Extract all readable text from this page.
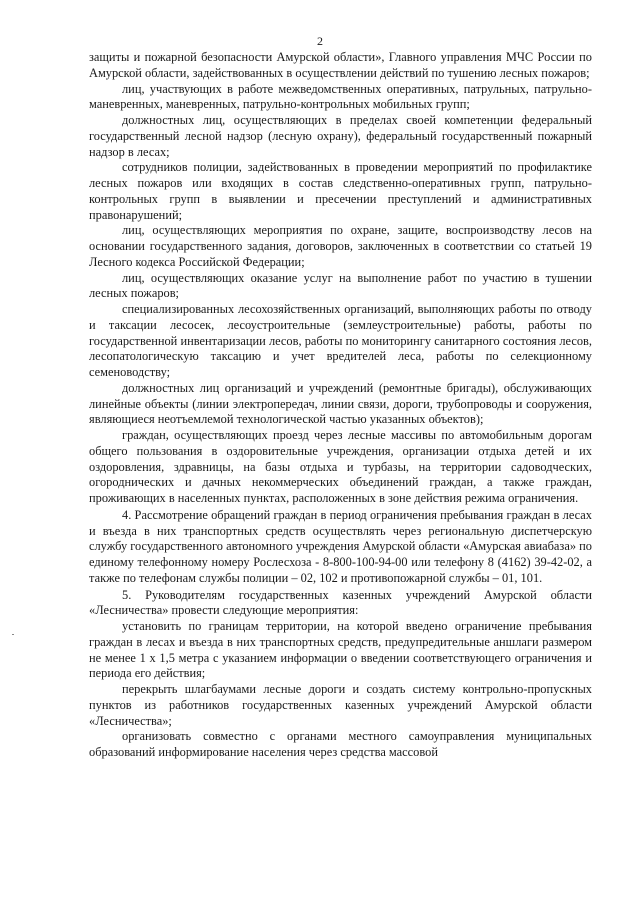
2

защиты и пожарной безопасности Амурской области», Главного управления МЧС России по Амурской области, задействованных в осуществлении действий по тушению лесных пожаров;

лиц, участвующих в работе межведомственных оперативных, патрульных, патрульно-маневренных, маневренных, патрульно-контрольных мобильных групп;

должностных лиц, осуществляющих в пределах своей компетенции федеральный государственный лесной надзор (лесную охрану), федеральный государственный пожарный надзор в лесах;

сотрудников полиции, задействованных в проведении мероприятий по профилактике лесных пожаров или входящих в состав следственно-оперативных групп, патрульно-контрольных групп в выявлении и пресечении преступлений и административных правонарушений;

лиц, осуществляющих мероприятия по охране, защите, воспроизводству лесов на основании государственного задания, договоров, заключенных в соответствии со статьей 19 Лесного кодекса Российской Федерации;

лиц, осуществляющих оказание услуг на выполнение работ по участию в тушении лесных пожаров;

специализированных лесохозяйственных организаций, выполняющих работы по отводу и таксации лесосек, лесоустроительные (землеустроительные) работы, работы по государственной инвентаризации лесов, работы по мониторингу санитарного состояния лесов, лесопатологическую таксацию и учет вредителей леса, работы по селекционному семеноводству;

должностных лиц организаций и учреждений (ремонтные бригады), обслуживающих линейные объекты (линии электропередач, линии связи, дороги, трубопроводы и сооружения, являющиеся неотъемлемой технологической частью указанных объектов);

граждан, осуществляющих проезд через лесные массивы по автомобильным дорогам общего пользования в оздоровительные учреждения, организации отдыха детей и их оздоровления, здравницы, на базы отдыха и турбазы, на территории садоводческих, огороднических и дачных некоммерческих объединений граждан, а также граждан, проживающих в населенных пунктах, расположенных в зоне действия режима ограничения.

4. Рассмотрение обращений граждан в период ограничения пребывания граждан в лесах и въезда в них транспортных средств осуществлять через региональную диспетчерскую службу государственного автономного учреждения Амурской области «Амурская авиабаза» по единому телефонному номеру Рослесхоза - 8-800-100-94-00 или телефону 8 (4162) 39-42-02, а также по телефонам службы полиции – 02, 102 и противопожарной службы – 01, 101.

5. Руководителям государственных казенных учреждений Амурской области «Лесничества» провести следующие мероприятия:

установить по границам территории, на которой введено ограничение пребывания граждан в лесах и въезда в них транспортных средств, предупредительные аншлаги размером не менее 1 х 1,5 метра с указанием информации о введении соответствующего ограничения и периода его действия;

перекрыть шлагбаумами лесные дороги и создать систему контрольно-пропускных пунктов из работников государственных казенных учреждений Амурской области «Лесничества»;

организовать совместно с органами местного самоуправления муниципальных образований информирование населения через средства массовой
